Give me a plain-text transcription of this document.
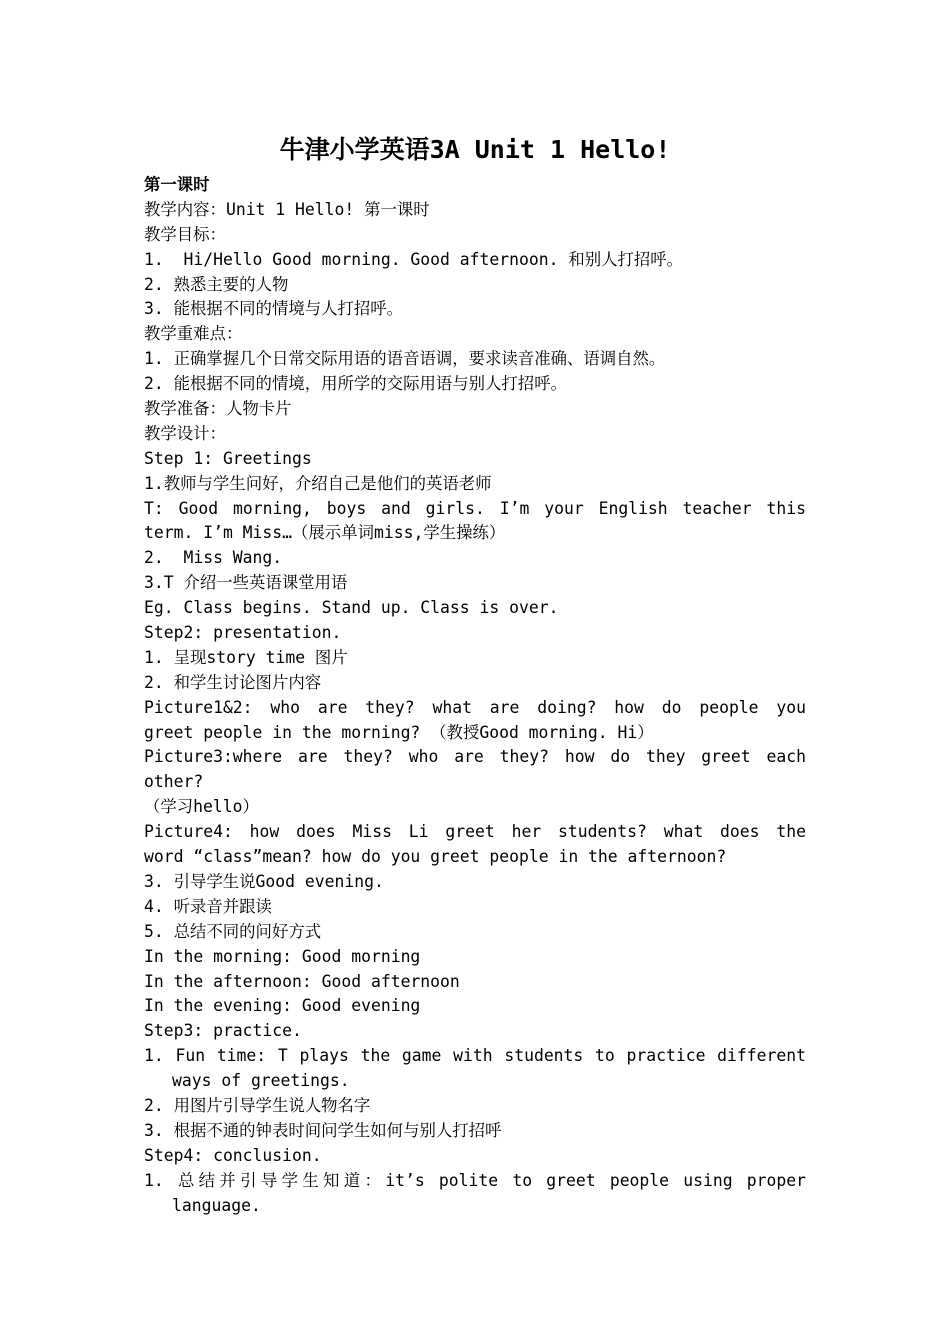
牛津小学英语3A Unit 1 Hello!
第一课时
教学内容：Unit 1 Hello! 第一课时
教学目标：
1.  Hi/Hello Good morning. Good afternoon. 和别人打招呼。
2. 熟悉主要的人物
3. 能根据不同的情境与人打招呼。
教学重难点：
1. 正确掌握几个日常交际用语的语音语调，要求读音准确、语调自然。
2. 能根据不同的情境，用所学的交际用语与别人打招呼。
教学准备：人物卡片
教学设计：
Step 1: Greetings
1.教师与学生问好，介绍自己是他们的英语老师
T: Good morning, boys and girls. I’m your English teacher this
term. I’m Miss…（展示单词miss,学生操练）
2.  Miss Wang.
3.T 介绍一些英语课堂用语
Eg. Class begins. Stand up. Class is over.
Step2: presentation.
1. 呈现story time 图片
2. 和学生讨论图片内容
Picture1&2: who are they? what are doing? how do people you
greet people in the morning? （教授Good morning. Hi）
Picture3:where are they? who are they? how do they greet each
other?
（学习hello）
Picture4: how does Miss Li greet her students? what does the
word “class”mean? how do you greet people in the afternoon?
3. 引导学生说Good evening.
4. 听录音并跟读
5. 总结不同的问好方式
In the morning: Good morning
In the afternoon: Good afternoon
In the evening: Good evening
Step3: practice.
1. Fun time: T plays the game with students to practice different
ways of greetings.
2. 用图片引导学生说人物名字
3. 根据不通的钟表时间问学生如何与别人打招呼
Step4: conclusion.
1. 总结并引导学生知道：it’s polite to greet people using proper
language.
